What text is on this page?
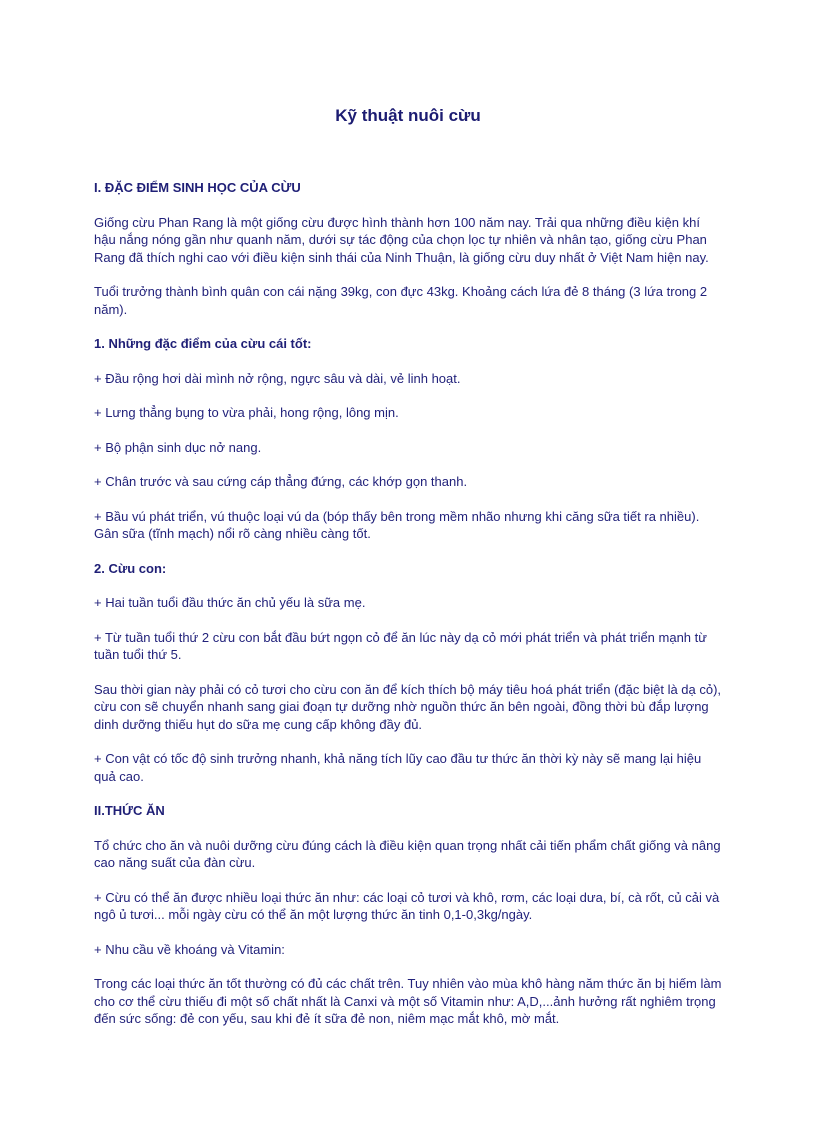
Kỹ thuật nuôi cừu
I. ĐẶC ĐIỂM SINH HỌC CỦA CỪU

Giống cừu Phan Rang là một giống cừu được hình thành hơn 100 năm nay. Trải qua những điều kiện khí hậu nắng nóng gần như quanh năm, dưới sự tác động của chọn lọc tự nhiên và nhân tạo, giống cừu Phan Rang đã thích nghi cao với điều kiện sinh thái của Ninh Thuận, là giống cừu duy nhất ở Việt Nam hiện nay.

Tuổi trưởng thành bình quân con cái nặng 39kg, con đực 43kg. Khoảng cách lứa đẻ 8 tháng (3 lứa trong 2 năm).

1. Những đặc điểm của cừu cái tốt:

+ Đầu rộng hơi dài mình nở rộng, ngực sâu và dài, vẻ linh hoạt.

+ Lưng thẳng bụng to vừa phải, hong rộng, lông mịn.

+ Bộ phận sinh dục nở nang.

+ Chân trước và sau cứng cáp thẳng đứng, các khớp gọn thanh.

+ Bầu vú phát triển, vú thuộc loại vú da (bóp thấy bên trong mềm nhão nhưng khi căng sữa tiết ra nhiều). Gân sữa (tĩnh mạch) nổi rõ càng nhiều càng tốt.

2. Cừu con:

+ Hai tuần tuổi đầu thức ăn chủ yếu là sữa mẹ.

+ Từ tuần tuổi thứ 2 cừu con bắt đầu bứt ngọn cỏ để ăn lúc này dạ cỏ mới phát triển và phát triển mạnh từ tuần tuổi thứ 5.

Sau thời gian này phải có cỏ tươi cho cừu con ăn để kích thích bộ máy tiêu hoá phát triển (đặc biệt là dạ cỏ), cừu con sẽ chuyển nhanh sang giai đoạn tự dưỡng nhờ nguồn thức ăn bên ngoài, đồng thời bù đắp lượng dinh dưỡng thiếu hụt do sữa mẹ cung cấp không đầy đủ.

+ Con vật có tốc độ sinh trưởng nhanh, khả năng tích lũy cao đầu tư thức ăn thời kỳ này sẽ mang lại hiệu quả cao.

II.THỨC ĂN

Tổ chức cho ăn và nuôi dưỡng cừu đúng cách là điều kiện quan trọng nhất cải tiến phẩm chất giống và nâng cao năng suất của đàn cừu.

+ Cừu có thể ăn được nhiều loại thức ăn như: các loại cỏ tươi và khô, rơm, các loại dưa, bí, cà rốt, củ cải và ngô ủ tươi... mỗi ngày cừu có thể ăn một lượng thức ăn tinh 0,1-0,3kg/ngày.

+ Nhu cầu về khoáng và Vitamin:

Trong các loại thức ăn tốt thường có đủ các chất trên. Tuy nhiên vào mùa khô hàng năm thức ăn bị hiếm làm cho cơ thể cừu thiếu đi một số chất nhất là Canxi và một số Vitamin như: A,D,...ảnh hưởng rất nghiêm trọng đến sức sống: đẻ con yếu, sau khi đẻ ít sữa đẻ non, niêm mạc mắt khô, mờ mắt.
